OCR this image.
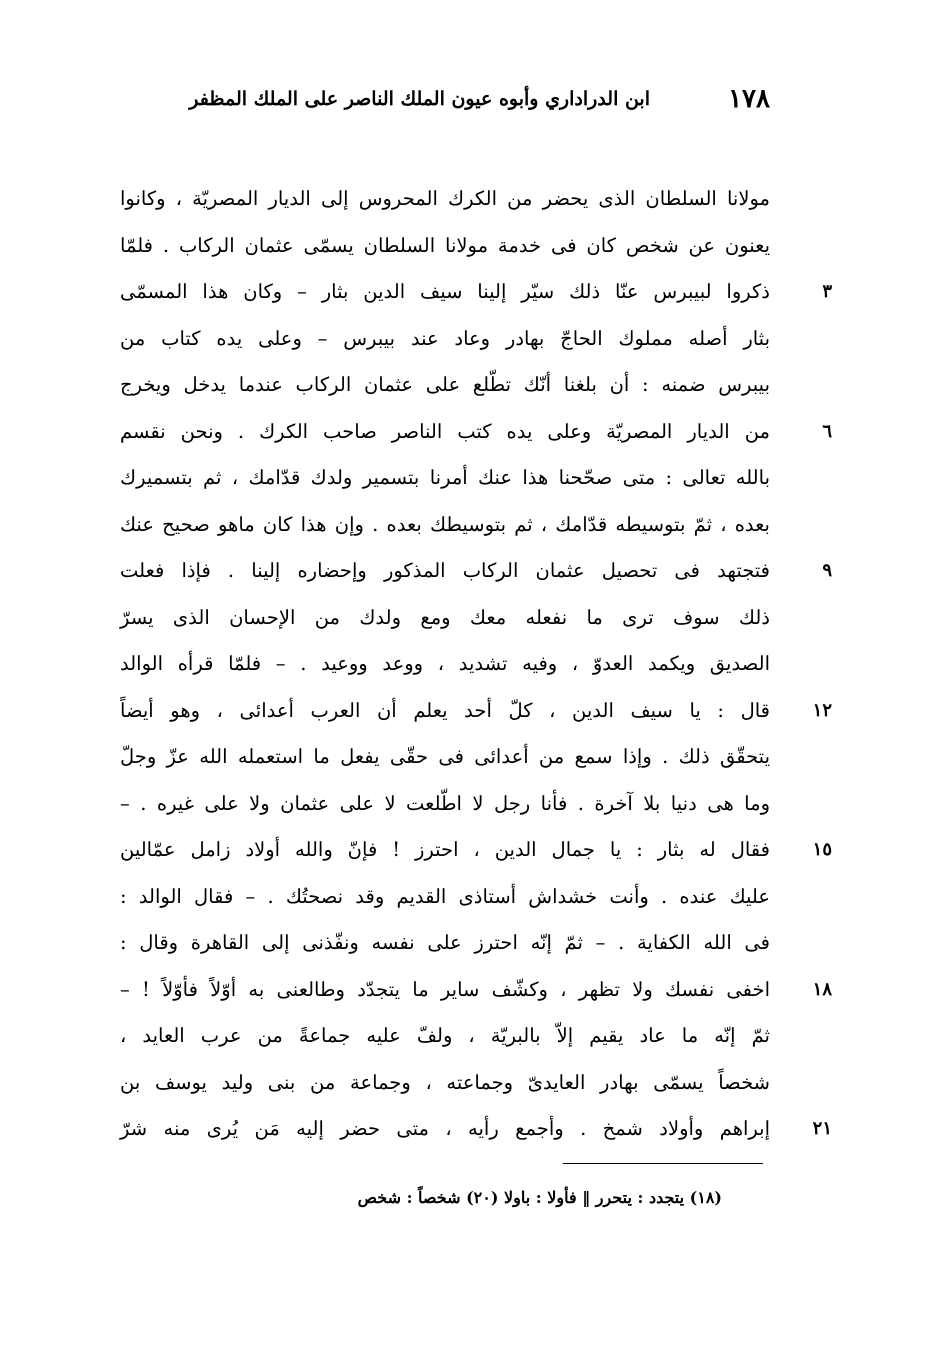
١٧٨
ابن الدراداري وأبوه عيون الملك الناصر على الملك المظفر
مولانا السلطان الذى يحضر من الكرك المحروس إلى الديار المصريّة ، وكانوا
يعنون عن شخص كان فى خدمة مولانا السلطان يسمّى عثمان الركاب . فلمّا
ذكروا لبيبرس عنّا ذلك سيّر إلينا سيف الدين بثار – وكان هذا المسمّى	٣
بثار أصله مملوك الحاجّ بهادر وعاد عند بيبرس – وعلى يده كتاب من
بيبرس ضمنه : أن بلغنا أنّك تطّلع على عثمان الركاب عندما يدخل ويخرج
من الديار المصريّة وعلى يده كتب الناصر صاحب الكرك . ونحن نقسم	٦
بالله تعالى : متى صحّحنا هذا عنك أمرنا بتسمير ولدك قدّامك ، ثم بتسميرك
بعده ، ثمّ بتوسيطه قدّامك ، ثم بتوسيطك بعده . وإن هذا كان ماهو صحيح عنك
فتجتهد فى تحصيل عثمان الركاب المذكور وإحضاره إلينا . فإذا فعلت	٩
ذلك سوف ترى ما نفعله معك ومع ولدك من الإحسان الذى يسرّ
الصديق ويكمد العدوّ ، وفيه تشديد ، ووعد ووعيد . – فلمّا قرأه الوالد
قال : يا سيف الدين ، كلّ أحد يعلم أن العرب أعدائى ، وهو أيضاً	١٢
يتحقّق ذلك . وإذا سمع من أعدائى فى حقّى يفعل ما استعمله الله عزّ وجلّ
وما هى دنيا بلا آخرة . فأنا رجل لا اطّلعت لا على عثمان ولا على غيره . –
فقال له بثار : يا جمال الدين ، احترز ! فإنّ والله أولاد زامل عمّالين	١٥
عليك عنده . وأنت خشداش أستاذى القديم وقد نصحتُك . – فقال الوالد :
فى الله الكفاية . – ثمّ إنّه احترز على نفسه ونفّذنى إلى القاهرة وقال :
اخفى نفسك ولا تظهر ، وكشّف ساير ما يتجدّد وطالعنى به أوّلاً فأوّلاً ! –	١٨
ثمّ إنّه ما عاد يقيم إلاّ بالبريّة ، ولفّ عليه جماعةً من عرب العايد ،
شخصاً يسمّى بهادر العايدىّ وجماعته ، وجماعة من بنى وليد يوسف بن
إبراهم وأولاد شمخ . وأجمع رأيه ، متى حضر إليه مَن يُرى منه شرّ	٢١
(١٨) يتجدد : يتحرر ‖ فأولا : باولا (٢٠) شخصاً : شخص
